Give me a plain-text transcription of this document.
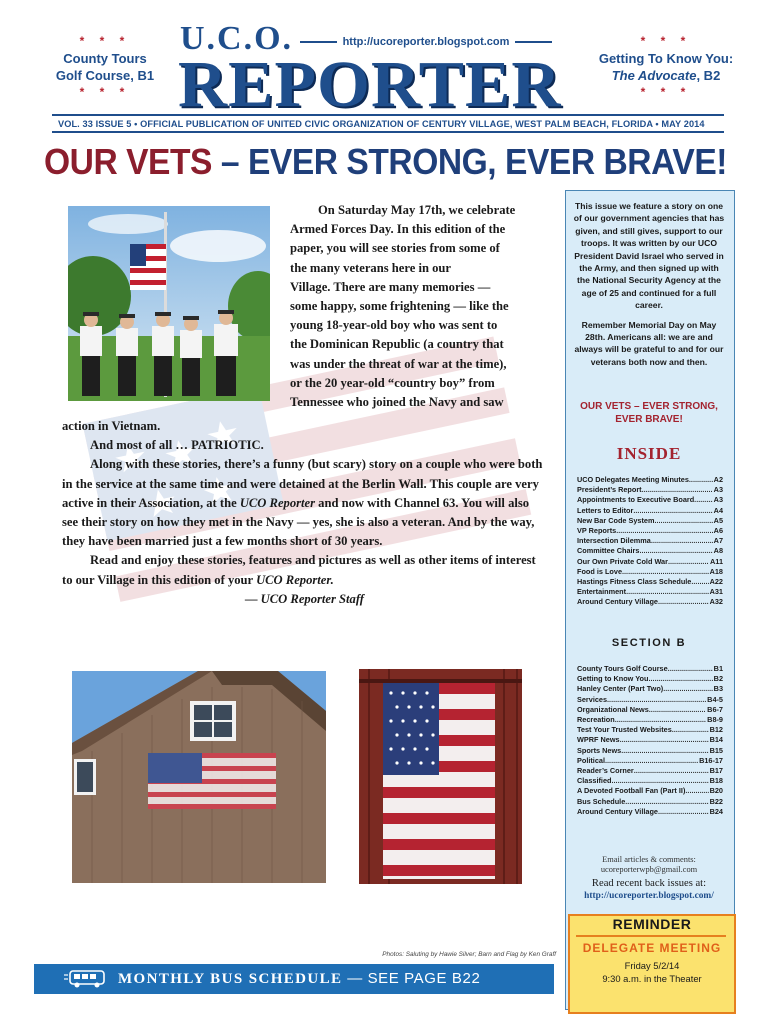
* * *
County Tours
Golf Course, B1
* * *
U.C.O.	http://ucoreporter.blogspot.com
REPORTER
* * *
Getting To Know You:
The Advocate, B2
* * *
VOL. 33 ISSUE 5 • OFFICIAL PUBLICATION OF UNITED CIVIC ORGANIZATION OF CENTURY VILLAGE, WEST PALM BEACH, FLORIDA • MAY 2014
OUR VETS – EVER STRONG, EVER BRAVE!

On Saturday May 17th, we celebrate

Armed Forces Day. In this edition of the

paper, you will see stories from some of

the many veterans here in our

Village. There are many memories —

some happy, some frightening — like the

young 18-year-old boy who was sent to

the Dominican Republic (a country that

was under the threat of war at the time),

or the 20 year-old “country boy” from

Tennessee who joined the Navy and saw

action in Vietnam.

And most of all … PATRIOTIC.

Along with these stories, there’s a funny (but scary) story on a couple who were both in the service at the same time and were detained at the Berlin Wall. This couple are very active in their Association, at the UCO Reporter and now with Channel 63. You will also see their story on how they met in the Navy — yes, she is also a veteran. And by the way, they have been married just a few months short of 30 years.

Read and enjoy these stories, features and pictures as well as other items of interest to our Village in this edition of your UCO Reporter.

— UCO Reporter Staff

Photos: Saluting by Hawie Silver; Barn and Flag by Ken Graff
MONTHLY BUS SCHEDULE — SEE PAGE B22
This issue we feature a story on one of our government agencies that has given, and still gives, support to our troops. It was written by our UCO President David Israel who served in the Army, and then signed up with the National Security Agency at the age of 25 and continued for a full career.
Remember Memorial Day on May 28th. Americans all: we are and always will be grateful to and for our veterans both now and then.
OUR VETS – EVER STRONG, EVER BRAVE!
INSIDE
UCO Delegates Meeting Minutes .....	A2
President’s Report .....	A3
Appointments to Executive Board .....	A3
Letters to Editor .....	A4
New Bar Code System .....	A5
VP Reports .....	A6
Intersection Dilemma .....	A7
Committee Chairs .....	A8
Our Own Private Cold War .....	A11
Food is Love .....	A18
Hastings Fitness Class Schedule .....	A22
Entertainment .....	A31
Around Century Village .....	A32
SECTION B
County Tours Golf Course .....	B1
Getting to Know You .....	B2
Hanley Center (Part Two) .....	B3
Services .....	B4-5
Organizational News .....	B6-7
Recreation .....	B8-9
Test Your Trusted Websites .....	B12
WPRF News .....	B14
Sports News .....	B15
Political .....	B16-17
Reader’s Corner .....	B17
Classified .....	B18
A Devoted Football Fan (Part II) .....	B20
Bus Schedule .....	B22
Around Century Village .....	B24
Email articles & comments:
ucoreporterwpb@gmail.com
Read recent back issues at:
http://ucoreporter.blogspot.com/
REMINDER
DELEGATE MEETING
Friday 5/2/14
9:30 a.m. in the Theater
